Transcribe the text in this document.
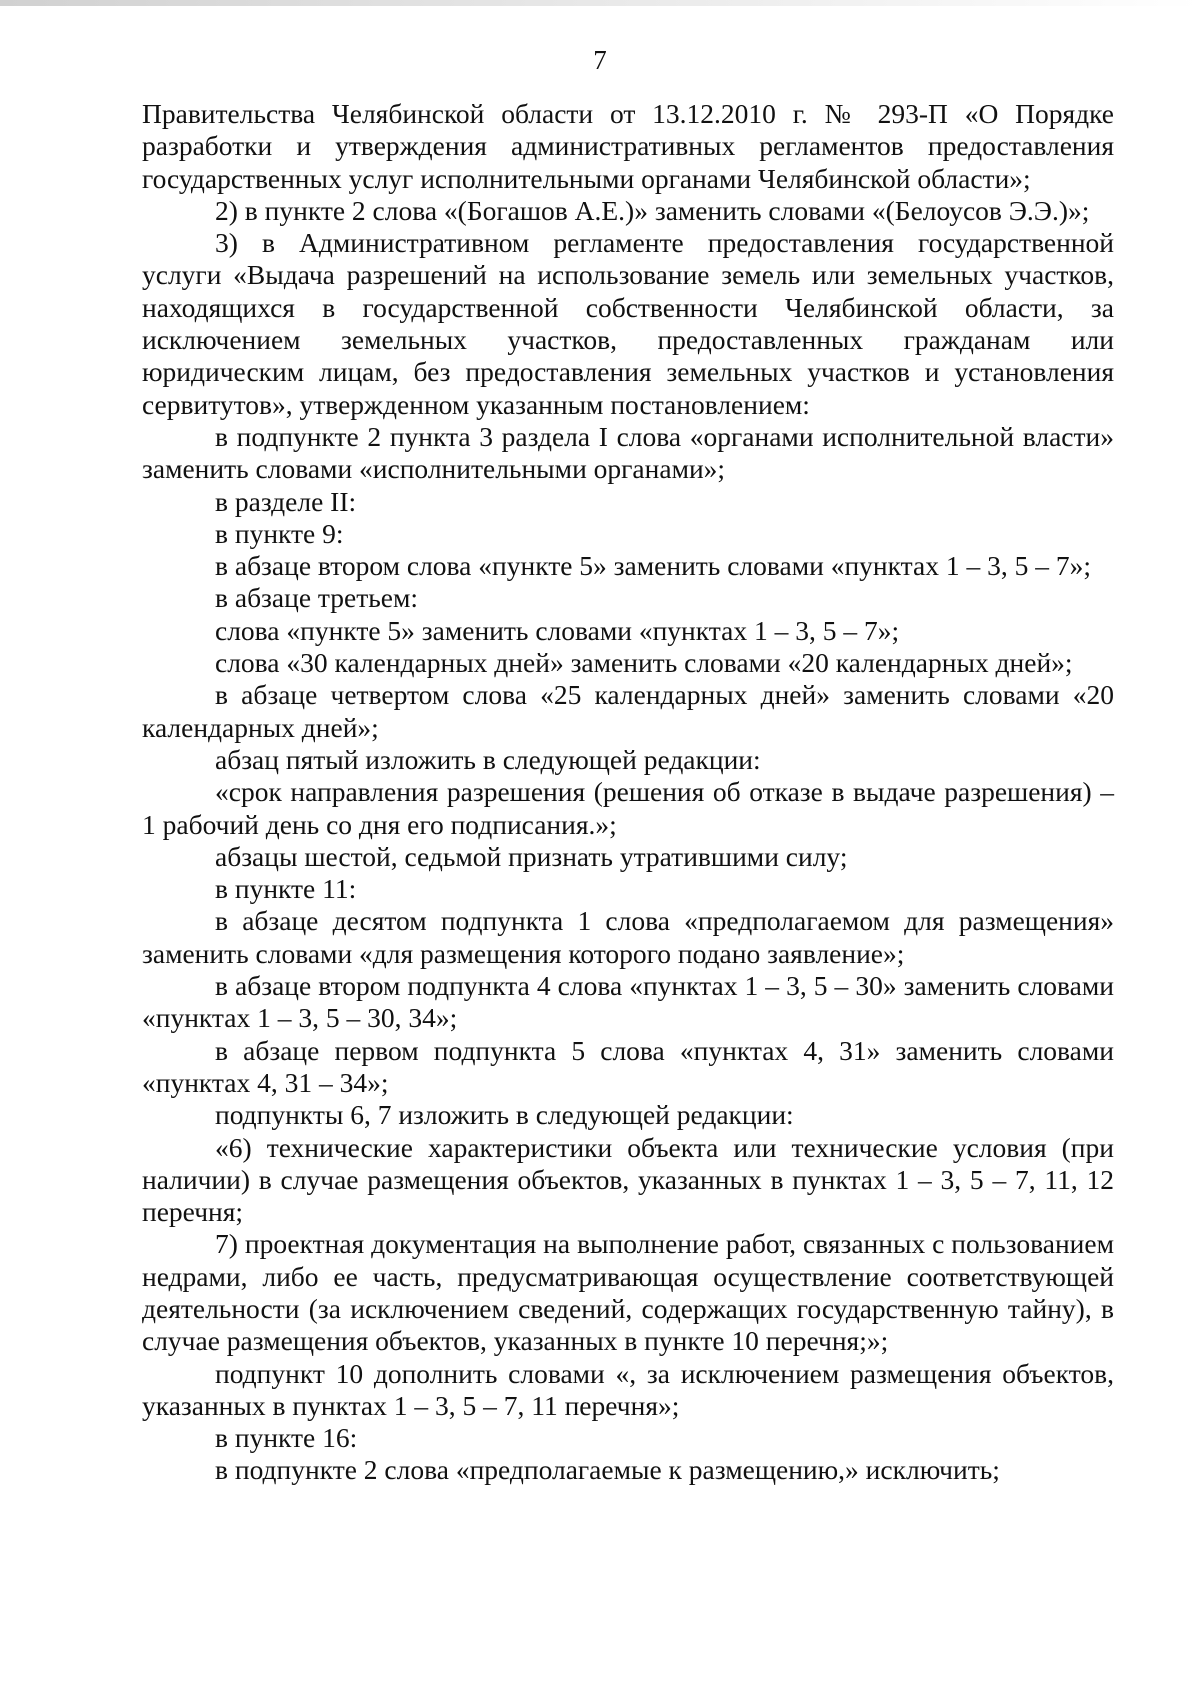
7

Правительства Челябинской области от 13.12.2010 г. № 293-П «О Порядке разработки и утверждения административных регламентов предоставления государственных услуг исполнительными органами Челябинской области»;

2) в пункте 2 слова «(Богашов А.Е.)» заменить словами «(Белоусов Э.Э.)»;

3) в Административном регламенте предоставления государственной услуги «Выдача разрешений на использование земель или земельных участков, находящихся в государственной собственности Челябинской области, за исключением земельных участков, предоставленных гражданам или юридическим лицам, без предоставления земельных участков и установления сервитутов», утвержденном указанным постановлением:

в подпункте 2 пункта 3 раздела I слова «органами исполнительной власти» заменить словами «исполнительными органами»;

в разделе II:

в пункте 9:

в абзаце втором слова «пункте 5» заменить словами «пунктах 1 – 3, 5 – 7»;

в абзаце третьем:

слова «пункте 5» заменить словами «пунктах 1 – 3, 5 – 7»;

слова «30 календарных дней» заменить словами «20 календарных дней»;

в абзаце четвертом слова «25 календарных дней» заменить словами «20 календарных дней»;

абзац пятый изложить в следующей редакции:

«срок направления разрешения (решения об отказе в выдаче разрешения) – 1 рабочий день со дня его подписания.»;

абзацы шестой, седьмой признать утратившими силу;

в пункте 11:

в абзаце десятом подпункта 1 слова «предполагаемом для размещения» заменить словами «для размещения которого подано заявление»;

в абзаце втором подпункта 4 слова «пунктах 1 – 3, 5 – 30» заменить словами «пунктах 1 – 3, 5 – 30, 34»;

в абзаце первом подпункта 5 слова «пунктах 4, 31» заменить словами «пунктах 4, 31 – 34»;

подпункты 6, 7 изложить в следующей редакции:

«6) технические характеристики объекта или технические условия (при наличии) в случае размещения объектов, указанных в пунктах 1 – 3, 5 – 7, 11, 12 перечня;

7) проектная документация на выполнение работ, связанных с пользованием недрами, либо ее часть, предусматривающая осуществление соответствующей деятельности (за исключением сведений, содержащих государственную тайну), в случае размещения объектов, указанных в пункте 10 перечня;»;

подпункт 10 дополнить словами «, за исключением размещения объектов, указанных в пунктах 1 – 3, 5 – 7, 11 перечня»;

в пункте 16:

в подпункте 2 слова «предполагаемые к размещению,» исключить;
